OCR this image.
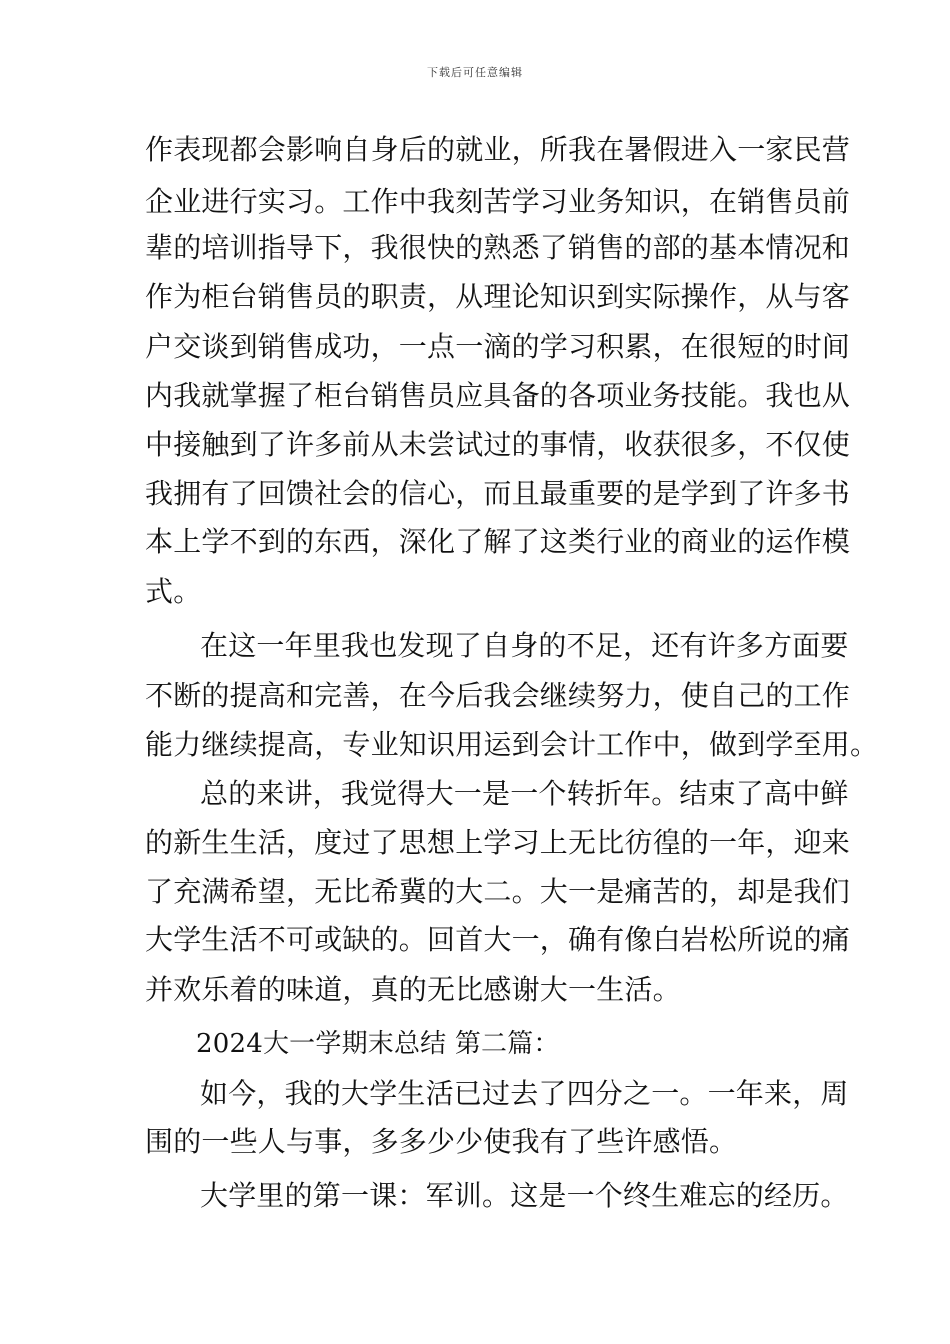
下载后可任意编辑
作表现都会影响自身后的就业，所我在暑假进入一家民营
企业进行实习。工作中我刻苦学习业务知识，在销售员前
辈的培训指导下，我很快的熟悉了销售的部的基本情况和
作为柜台销售员的职责，从理论知识到实际操作，从与客
户交谈到销售成功，一点一滴的学习积累，在很短的时间
内我就掌握了柜台销售员应具备的各项业务技能。我也从
中接触到了许多前从未尝试过的事情，收获很多，不仅使
我拥有了回馈社会的信心，而且最重要的是学到了许多书
本上学不到的东西，深化了解了这类行业的商业的运作模
式。
在这一年里我也发现了自身的不足，还有许多方面要
不断的提高和完善，在今后我会继续努力，使自己的工作
能力继续提高，专业知识用运到会计工作中，做到学至用。
总的来讲，我觉得大一是一个转折年。结束了高中鲜
的新生生活，度过了思想上学习上无比彷徨的一年，迎来
了充满希望，无比希冀的大二。大一是痛苦的，却是我们
大学生活不可或缺的。回首大一，确有像白岩松所说的痛
并欢乐着的味道，真的无比感谢大一生活。
2024大一学期末总结 第二篇：
如今，我的大学生活已过去了四分之一。一年来，周
围的一些人与事，多多少少使我有了些许感悟。
大学里的第一课：军训。这是一个终生难忘的经历。
